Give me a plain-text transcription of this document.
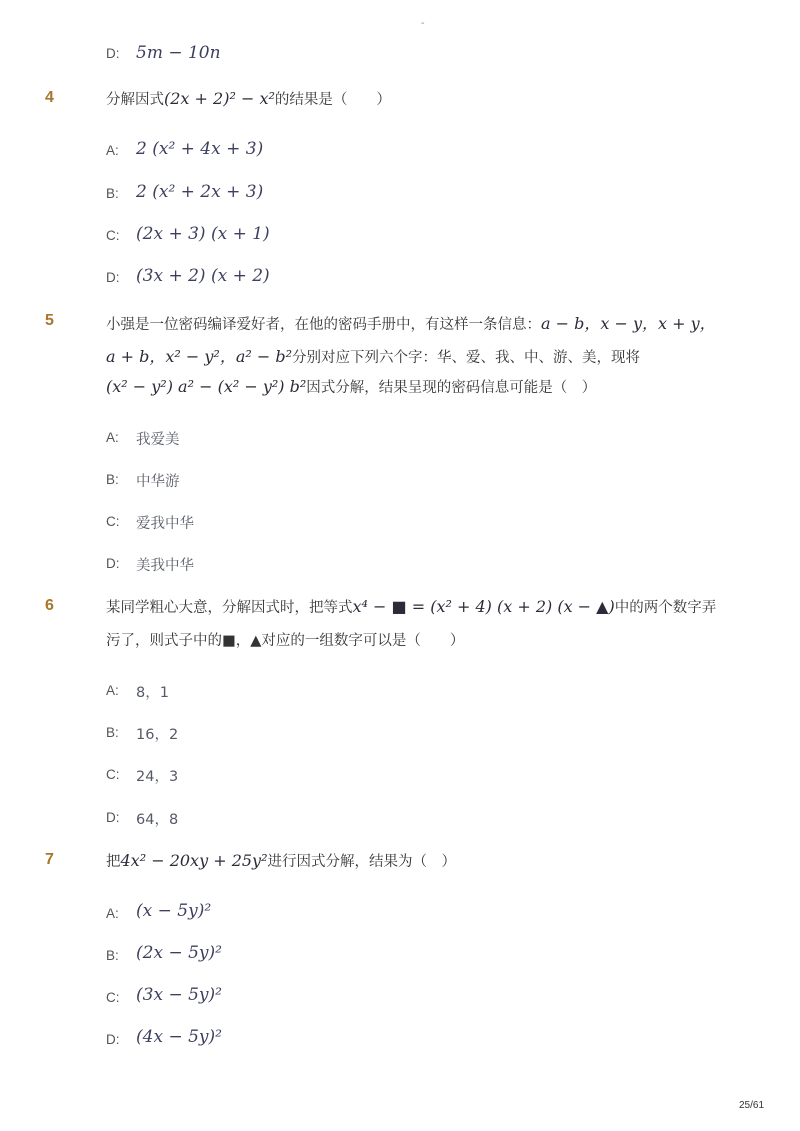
-
D: 5m − 10n
4	分解因式(2x + 2)² − x²的结果是（　　）
A: 2 (x² + 4x + 3)
B: 2 (x² + 2x + 3)
C: (2x + 3) (x + 1)
D: (3x + 2) (x + 2)
5	小强是一位密码编译爱好者，在他的密码手册中，有这样一条信息：a − b，x − y，x + y，
a + b，x² − y²，a² − b²分别对应下列六个字：华、爱、我、中、游、美，现将
(x² − y²) a² − (x² − y²) b²因式分解，结果呈现的密码信息可能是（　）
A: 我爱美
B: 中华游
C: 爱我中华
D: 美我中华
6	某同学粗心大意，分解因式时，把等式x⁴ − ■ = (x² + 4) (x + 2) (x − ▲)中的两个数字弄
污了，则式子中的■，▲对应的一组数字可以是（　　）
A: 8，1
B: 16，2
C: 24，3
D: 64，8
7	把4x² − 20xy + 25y²进行因式分解，结果为（　）
A: (x − 5y)²
B: (2x − 5y)²
C: (3x − 5y)²
D: (4x − 5y)²
25/61
